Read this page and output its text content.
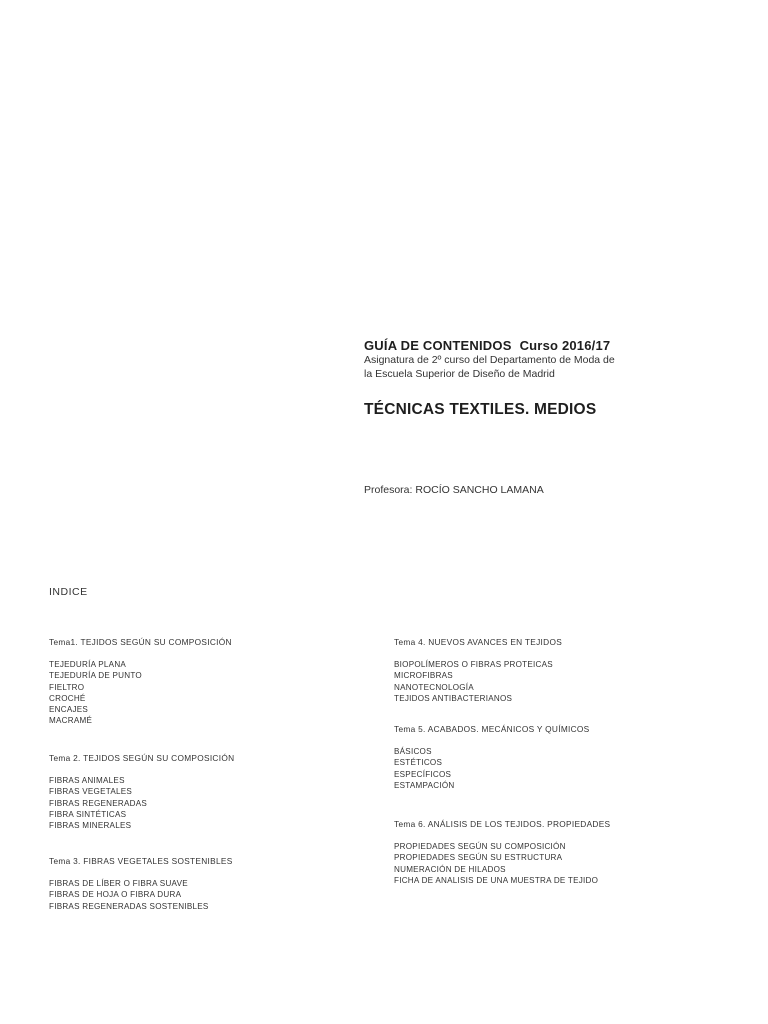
GUÍA DE CONTENIDOS Curso 2016/17
Asignatura de 2º curso del Departamento de Moda de
la Escuela Superior de Diseño de Madrid
TÉCNICAS TEXTILES. MEDIOS
Profesora: ROCÍO SANCHO LAMANA
INDICE
Tema1. TEJIDOS SEGÚN SU COMPOSICIÓN
TEJEDURÍA PLANA
TEJEDURÍA DE PUNTO
FIELTRO
CROCHÉ
ENCAJES
MACRAMÉ
Tema 2. TEJIDOS SEGÚN SU COMPOSICIÓN
FIBRAS ANIMALES
FIBRAS VEGETALES
FIBRAS REGENERADAS
FIBRA SINTÉTICAS
FIBRAS MINERALES
Tema 3. FIBRAS VEGETALES SOSTENIBLES
FIBRAS DE LÍBER O FIBRA SUAVE
FIBRAS DE HOJA O FIBRA DURA
FIBRAS REGENERADAS SOSTENIBLES
Tema 4. NUEVOS AVANCES EN TEJIDOS
BIOPOLÍMEROS O FIBRAS PROTEICAS
MICROFIBRAS
NANOTECNOLOGÍA
TEJIDOS ANTIBACTERIANOS
Tema 5. ACABADOS. MECÁNICOS Y QUÍMICOS
BÁSICOS
ESTÉTICOS
ESPECÍFICOS
ESTAMPACIÓN
Tema 6. ANÁLISIS DE LOS TEJIDOS. PROPIEDADES
PROPIEDADES SEGÚN SU COMPOSICIÓN
PROPIEDADES SEGÚN SU ESTRUCTURA
NUMERACIÓN DE HILADOS
FICHA DE ANALISIS DE UNA MUESTRA DE TEJIDO
